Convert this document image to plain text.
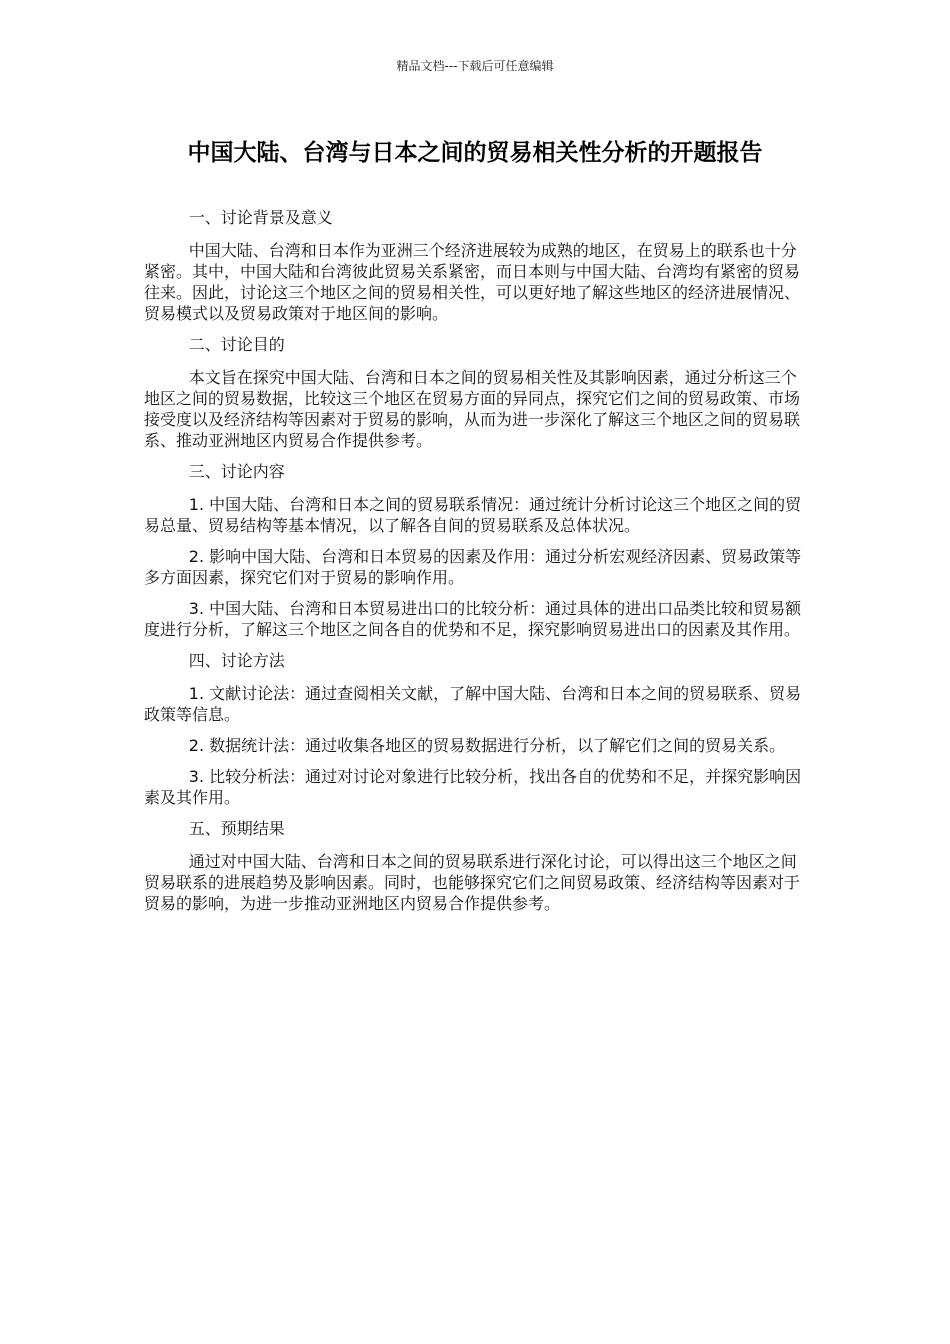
精品文档---下载后可任意编辑
中国大陆、台湾与日本之间的贸易相关性分析的开题报告

一、讨论背景及意义

中国大陆、台湾和日本作为亚洲三个经济进展较为成熟的地区，在贸易上的联系也十分紧密。其中，中国大陆和台湾彼此贸易关系紧密，而日本则与中国大陆、台湾均有紧密的贸易往来。因此，讨论这三个地区之间的贸易相关性，可以更好地了解这些地区的经济进展情况、贸易模式以及贸易政策对于地区间的影响。

二、讨论目的

本文旨在探究中国大陆、台湾和日本之间的贸易相关性及其影响因素，通过分析这三个地区之间的贸易数据，比较这三个地区在贸易方面的异同点，探究它们之间的贸易政策、市场接受度以及经济结构等因素对于贸易的影响，从而为进一步深化了解这三个地区之间的贸易联系、推动亚洲地区内贸易合作提供参考。

三、讨论内容

1. 中国大陆、台湾和日本之间的贸易联系情况：通过统计分析讨论这三个地区之间的贸易总量、贸易结构等基本情况，以了解各自间的贸易联系及总体状况。

2. 影响中国大陆、台湾和日本贸易的因素及作用：通过分析宏观经济因素、贸易政策等多方面因素，探究它们对于贸易的影响作用。

3. 中国大陆、台湾和日本贸易进出口的比较分析：通过具体的进出口品类比较和贸易额度进行分析，了解这三个地区之间各自的优势和不足，探究影响贸易进出口的因素及其作用。

四、讨论方法

1. 文献讨论法：通过查阅相关文献，了解中国大陆、台湾和日本之间的贸易联系、贸易政策等信息。

2. 数据统计法：通过收集各地区的贸易数据进行分析，以了解它们之间的贸易关系。

3. 比较分析法：通过对讨论对象进行比较分析，找出各自的优势和不足，并探究影响因素及其作用。

五、预期结果

通过对中国大陆、台湾和日本之间的贸易联系进行深化讨论，可以得出这三个地区之间贸易联系的进展趋势及影响因素。同时，也能够探究它们之间贸易政策、经济结构等因素对于贸易的影响，为进一步推动亚洲地区内贸易合作提供参考。
